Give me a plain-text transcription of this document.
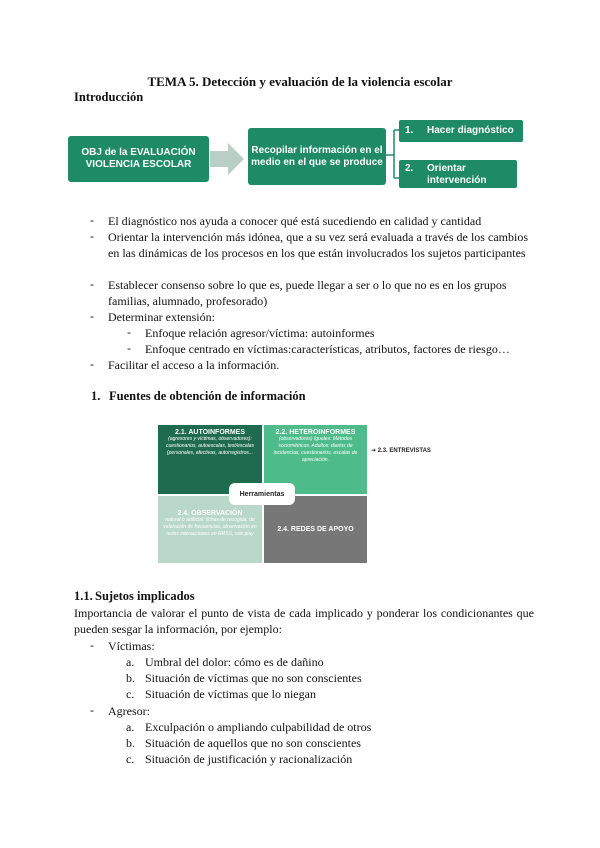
TEMA 5. Detección y evaluación de la violencia escolar
Introducción
OBJ de la EVALUACIÓN VIOLENCIA ESCOLAR
Recopilar información en el medio en el que se produce
1.	Hacer diagnóstico
2.	Orientar intervención
- El diagnóstico nos ayuda a conocer qué está sucediendo en calidad y cantidad
- Orientar la intervención más idónea, que a su vez será evaluada a través de los cambios en las dinámicas de los procesos en los que están involucrados los sujetos participantes
- Establecer consenso sobre lo que es, puede llegar a ser o lo que no es en los grupos familias, alumnado, profesorado)
- Determinar extensión:
- Enfoque relación agresor/víctima: autoinformes
- Enfoque centrado en víctimas:características, atributos, factores de riesgo…
- Facilitar el acceso a la información.
1. Fuentes de obtención de información
2.1. AUTOINFORMES
(agresores y víctimas, observadores): cuestionarios, autoescalas, test/escalas (personales, afectivas, autorregistros...
2.2. HETEROINFORMES
(observadores) Iguales: Métodos sociométricos. Adultos: diarios de incidencias, cuestionarios, escalas de apreciación.
2.4. OBSERVACIÓN
natural o artificial: fichas de recogida, de valoración de frecuencias, observación en redes interacciones en RRSS, role play
2.4. REDES DE APOYO
Herramientas
➔ 2.3. ENTREVISTAS
1.1. Sujetos implicados
Importancia de valorar el punto de vista de cada implicado y ponderar los condicionantes que pueden sesgar la información, por ejemplo:
- Víctimas:
a. Umbral del dolor: cómo es de dañino
b. Situación de víctimas que no son conscientes
c. Situación de víctimas que lo niegan
- Agresor:
a. Exculpación o ampliando culpabilidad de otros
b. Situación de aquellos que no son conscientes
c. Situación de justificación y racionalización
